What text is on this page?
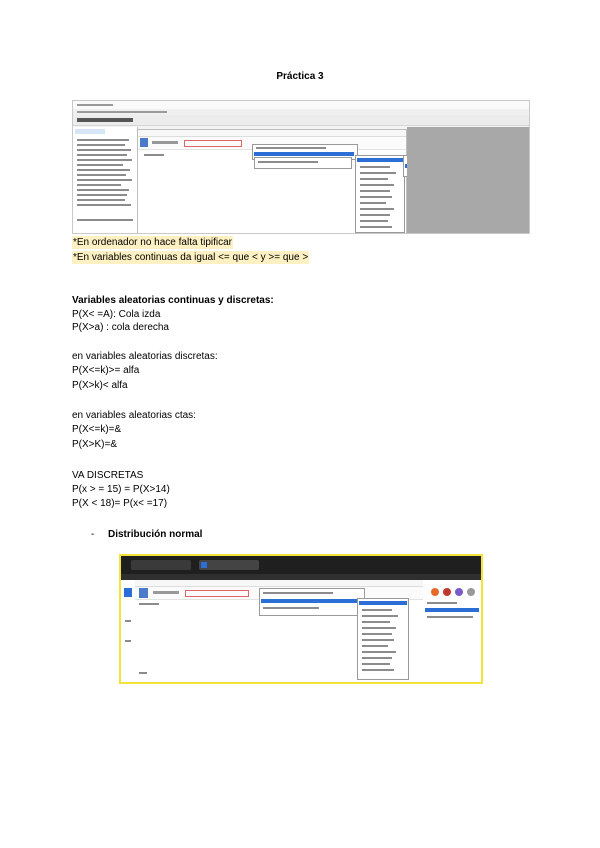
Práctica 3
*En ordenador no hace falta tipificar
*En variables continuas da igual <= que < y >= que >
Variables aleatorias continuas y discretas:
P(X< =A): Cola izda
P(X>a) : cola derecha
en variables aleatorias discretas:
P(X<=k)>= alfa
P(X>k)< alfa
en variables aleatorias ctas:
P(X<=k)=&
P(X>K)=&
VA DISCRETAS
P(x > = 15) = P(X>14)
P(X < 18)= P(x< =17)
- Distribución normal
